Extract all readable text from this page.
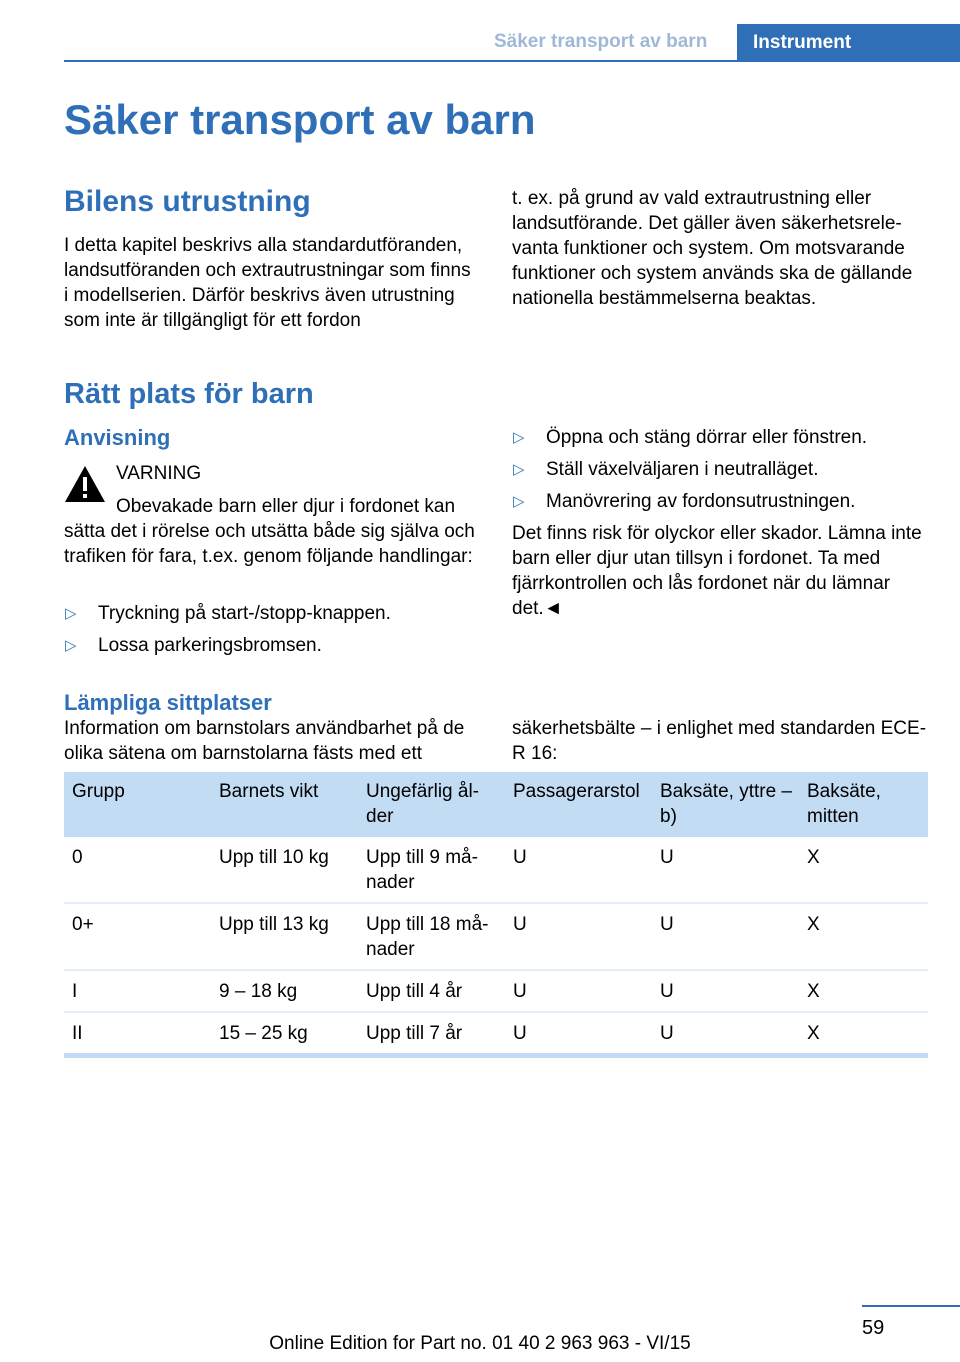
Säker transport av barn	Instrument
Säker transport av barn
Bilens utrustning

I detta kapitel beskrivs alla standardutföranden, landsutföranden och extrautrustningar som finns i modellserien. Därför beskrivs även utrustning som inte är tillgängligt för ett fordon

t. ex. på grund av vald extrautrustning eller landsutförande. Det gäller även säkerhetsrelevanta funktioner och system. Om motsvarande funktioner och system används ska de gällande nationella bestämmelserna beaktas.

Rätt plats för barn
Anvisning

VARNING

Obevakade barn eller djur i fordonet kan sätta det i rörelse och utsätta både sig själva och trafiken för fara, t.ex. genom följande handlingar:

▷ Tryckning på start-/stopp-knappen.
▷ Lossa parkeringsbromsen.
▷ Öppna och stäng dörrar eller fönstren.
▷ Ställ växelväljaren i neutralläget.
▷ Manövrering av fordonsutrustningen.

Det finns risk för olyckor eller skador. Lämna inte barn eller djur utan tillsyn i fordonet. Ta med fjärrkontrollen och lås fordonet när du lämnar det.◄

Lämpliga sittplatser

Information om barnstolars användbarhet på de olika sätena om barnstolarna fästs med ett

säkerhetsbälte – i enlighet med standarden ECE-R 16:

Grupp	Barnets vikt	Ungefärlig ålder	Passagerarstol	Baksäte, yttre – b)	Baksäte, mitten
0	Upp till 10 kg	Upp till 9 månader	U	U	X
0+	Upp till 13 kg	Upp till 18 månader	U	U	X
I	9 – 18 kg	Upp till 4 år	U	U	X
II	15 – 25 kg	Upp till 7 år	U	U	X
59
Online Edition for Part no. 01 40 2 963 963 - VI/15
